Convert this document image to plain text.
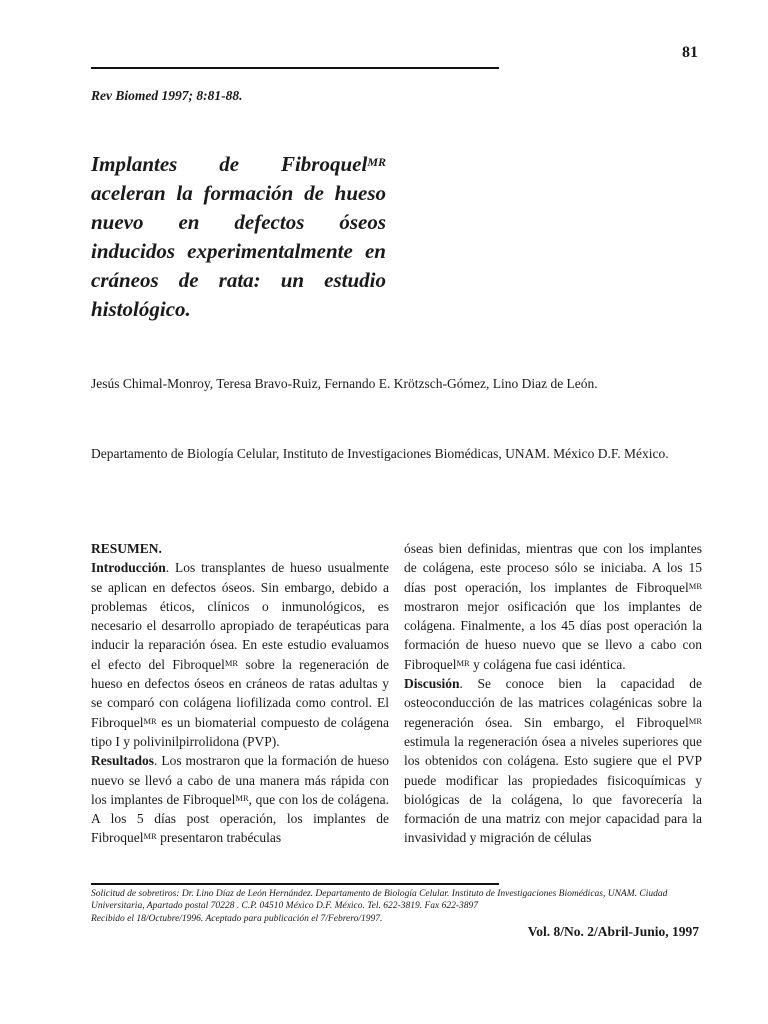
81
Rev Biomed 1997; 8:81-88.
Implantes de Fibroquel$^{MR}$ aceleran la formación de hueso nuevo en defectos óseos inducidos experimentalmente en cráneos de rata: un estudio histológico.
Jesús Chimal-Monroy, Teresa Bravo-Ruiz, Fernando E. Krötzsch-Gómez, Lino Diaz de León.
Departamento de Biología Celular, Instituto de Investigaciones Biomédicas, UNAM. México D.F. México.

RESUMEN.

Introducción. Los transplantes de hueso usualmente se aplican en defectos óseos. Sin embargo, debido a problemas éticos, clínicos o inmunológicos, es necesario el desarrollo apropiado de terapéuticas para inducir la reparación ósea. En este estudio evaluamos el efecto del Fibroquel$^{MR}$ sobre la regeneración de hueso en defectos óseos en cráneos de ratas adultas y se comparó con colágena liofilizada como control. El Fibroquel$^{MR}$ es un biomaterial compuesto de colágena tipo I y polivinilpirrolidona (PVP).

Resultados. Los mostraron que la formación de hueso nuevo se llevó a cabo de una manera más rápida con los implantes de Fibroquel$^{MR}$, que con los de colágena. A los 5 días post operación, los implantes de Fibroquel$^{MR}$ presentaron trabéculas

óseas bien definidas, mientras que con los implantes de colágena, este proceso sólo se iniciaba. A los 15 días post operación, los implantes de Fibroquel$^{MR}$ mostraron mejor osificación que los implantes de colágena. Finalmente, a los 45 días post operación la formación de hueso nuevo que se llevo a cabo con Fibroquel$^{MR}$ y colágena fue casi idéntica.

Discusión. Se conoce bien la capacidad de osteoconducción de las matrices colagénicas sobre la regeneración ósea. Sin embargo, el Fibroquel$^{MR}$ estimula la regeneración ósea a niveles superiores que los obtenidos con colágena. Esto sugiere que el PVP puede modificar las propiedades fisicoquímicas y biológicas de la colágena, lo que favorecería la formación de una matriz con mejor capacidad para la invasividad y migración de células

Solicitud de sobretiros: Dr. Lino Díaz de León Hernández. Departamento de Biología Celular. Instituto de Investigaciones Biomédicas, UNAM. Ciudad Universitaria, Apartado postal 70228 . C.P. 04510 México D.F. México. Tel. 622-3819. Fax 622-3897

Recibido el 18/Octubre/1996. Aceptado para publicación el 7/Febrero/1997.

Vol. 8/No. 2/Abril-Junio, 1997
